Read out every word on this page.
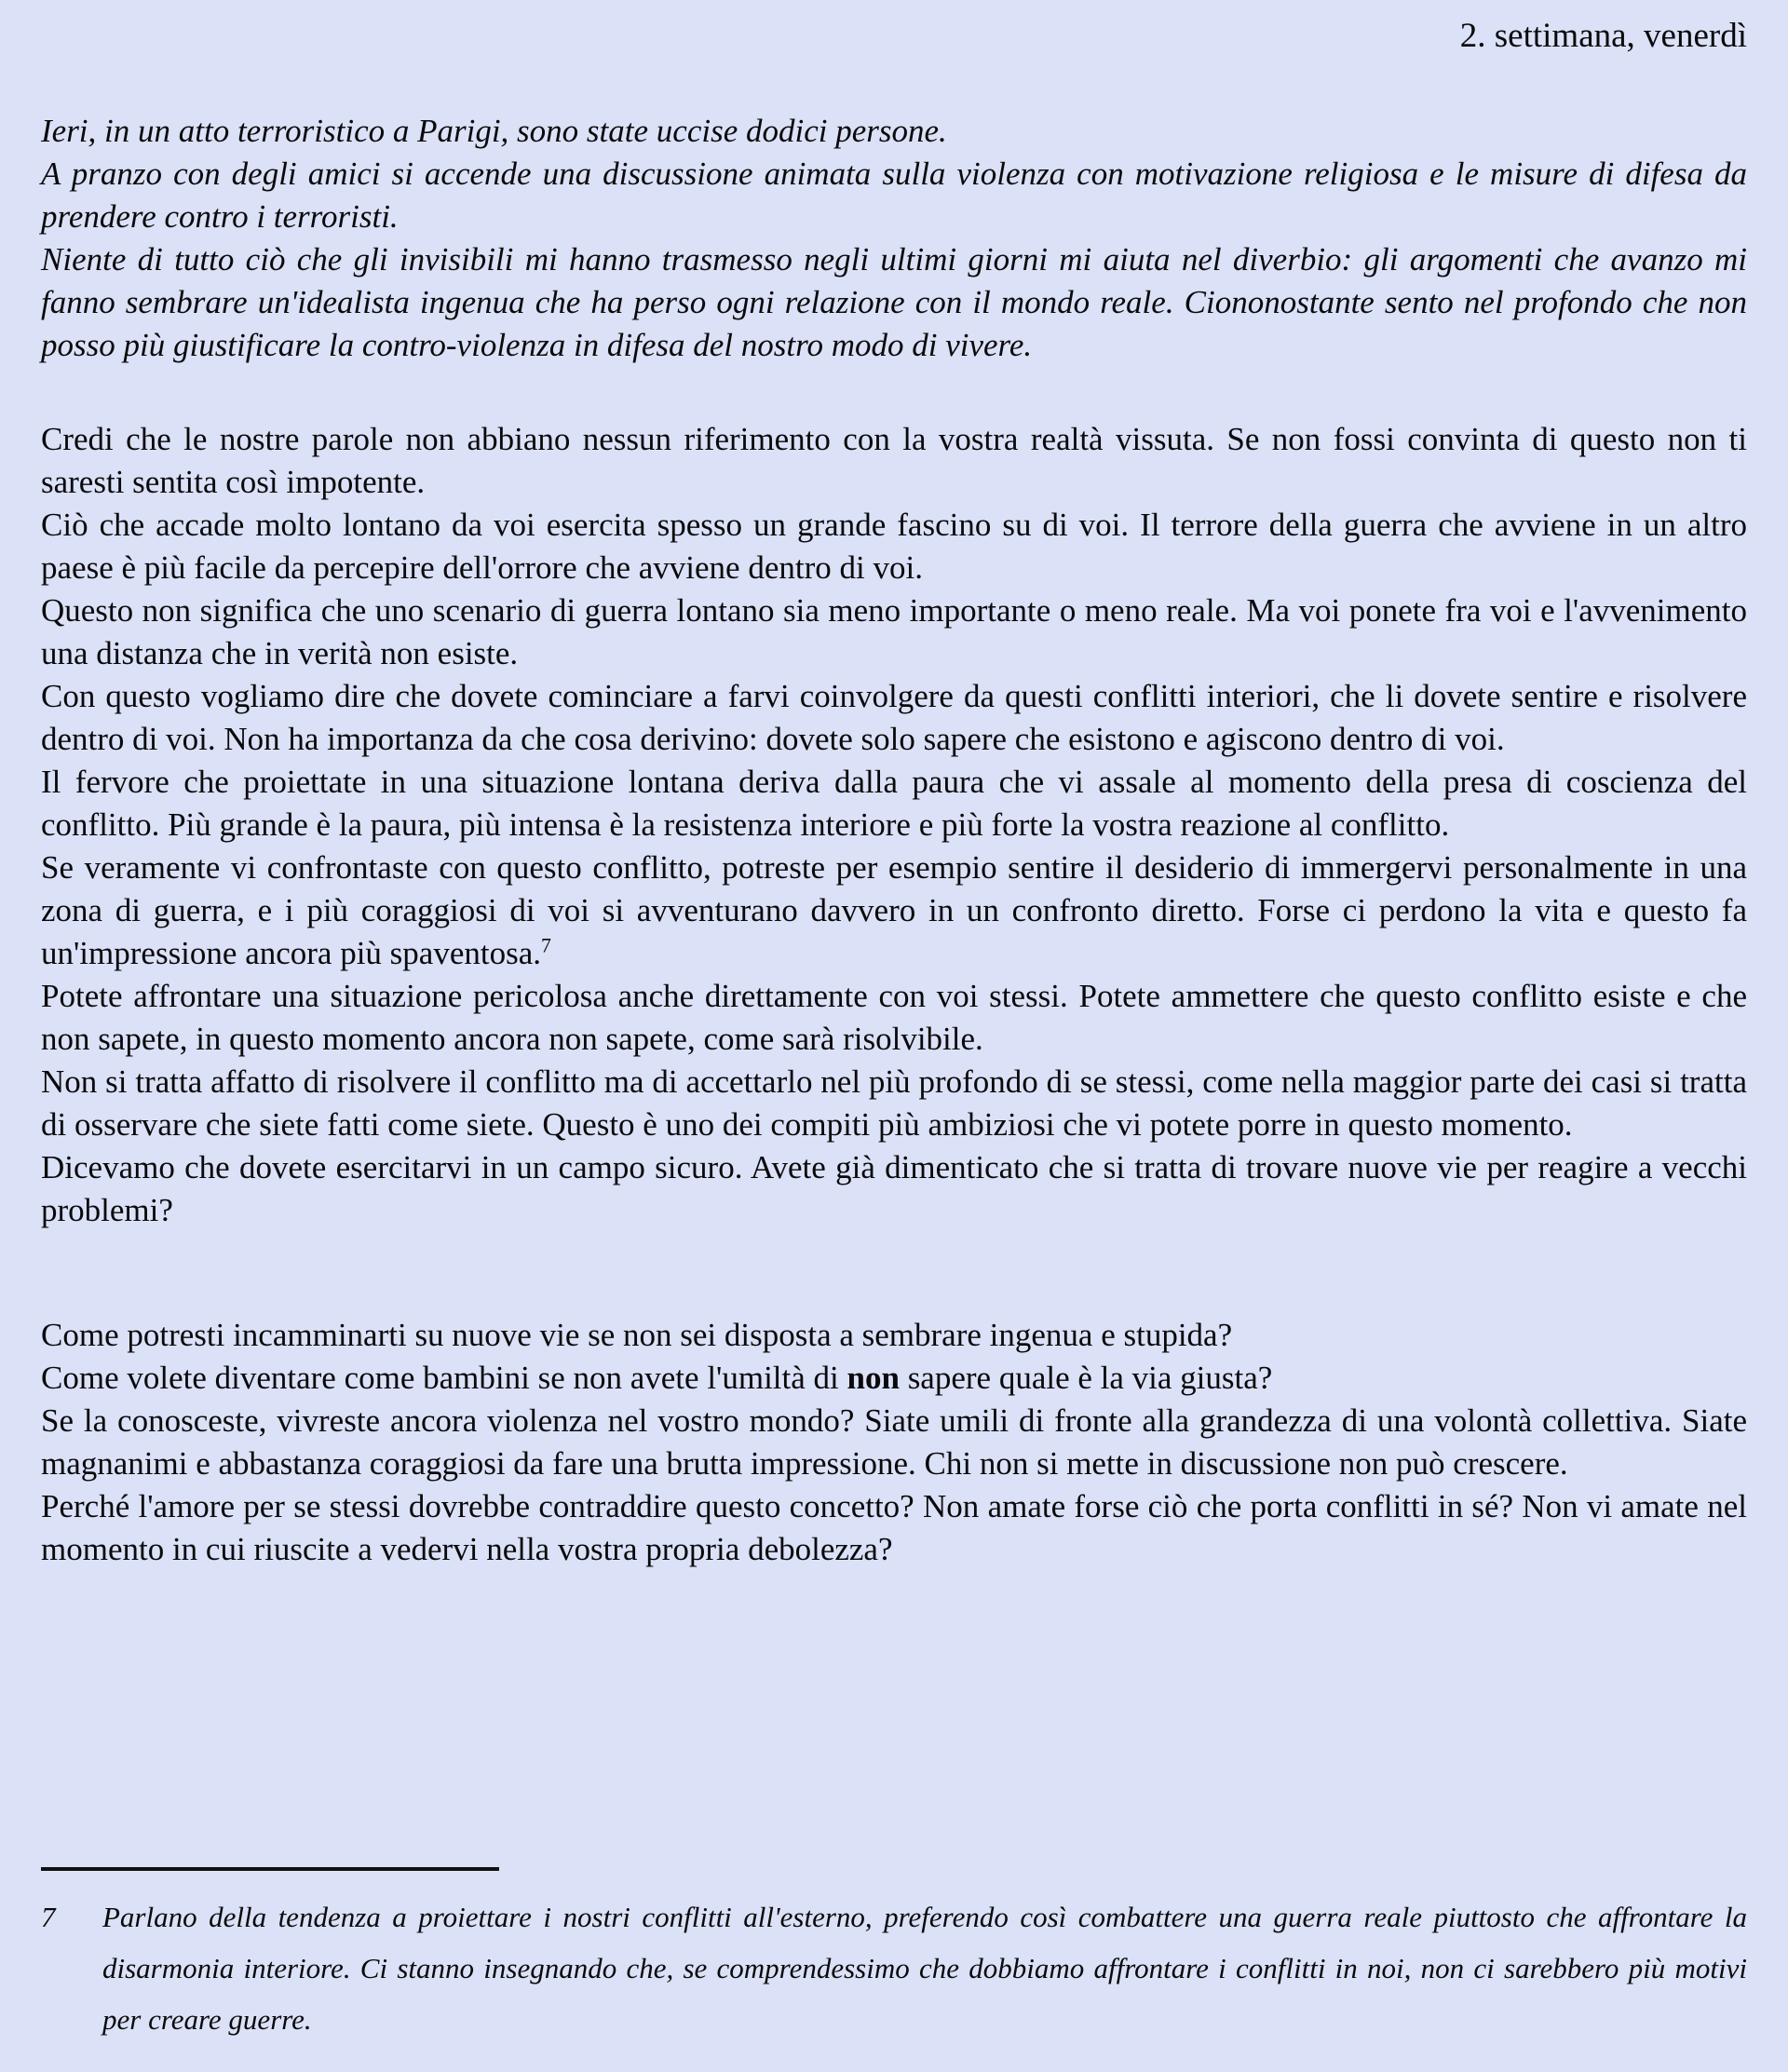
2. settimana, venerdì

Ieri, in un atto terroristico a Parigi, sono state uccise dodici persone.

A pranzo con degli amici si accende una discussione animata sulla violenza con motivazione religiosa e le misure di difesa da prendere contro i terroristi.

Niente di tutto ciò che gli invisibili mi hanno trasmesso negli ultimi giorni mi aiuta nel diverbio: gli argomenti che avanzo mi fanno sembrare un'idealista ingenua che ha perso ogni relazione con il mondo reale. Ciononostante sento nel profondo che non posso più giustificare la contro-violenza in difesa del nostro modo di vivere.

Credi che le nostre parole non abbiano nessun riferimento con la vostra realtà vissuta. Se non fossi convinta di questo non ti saresti sentita così impotente.

Ciò che accade molto lontano da voi esercita spesso un grande fascino su di voi. Il terrore della guerra che avviene in un altro paese è più facile da percepire dell'orrore che avviene dentro di voi.

Questo non significa che uno scenario di guerra lontano sia meno importante o meno reale. Ma voi ponete fra voi e l'avvenimento una distanza che in verità non esiste.

Con questo vogliamo dire che dovete cominciare a farvi coinvolgere da questi conflitti interiori, che li dovete sentire e risolvere dentro di voi. Non ha importanza da che cosa derivino: dovete solo sapere che esistono e agiscono dentro di voi.

Il fervore che proiettate in una situazione lontana deriva dalla paura che vi assale al momento della presa di coscienza del conflitto. Più grande è la paura, più intensa è la resistenza interiore e più forte la vostra reazione al conflitto.

Se veramente vi confrontaste con questo conflitto, potreste per esempio sentire il desiderio di immergervi personalmente in una zona di guerra, e i più coraggiosi di voi si avventurano davvero in un confronto diretto. Forse ci perdono la vita e questo fa un'impressione ancora più spaventosa.$^7$

Potete affrontare una situazione pericolosa anche direttamente con voi stessi. Potete ammettere che questo conflitto esiste e che non sapete, in questo momento ancora non sapete, come sarà risolvibile.

Non si tratta affatto di risolvere il conflitto ma di accettarlo nel più profondo di se stessi, come nella maggior parte dei casi si tratta di osservare che siete fatti come siete. Questo è uno dei compiti più ambiziosi che vi potete porre in questo momento.

Dicevamo che dovete esercitarvi in un campo sicuro. Avete già dimenticato che si tratta di trovare nuove vie per reagire a vecchi problemi?

Come potresti incamminarti su nuove vie se non sei disposta a sembrare ingenua e stupida?

Come volete diventare come bambini se non avete l'umiltà di non sapere quale è la via giusta?

Se la conosceste, vivreste ancora violenza nel vostro mondo? Siate umili di fronte alla grandezza di una volontà collettiva. Siate magnanimi e abbastanza coraggiosi da fare una brutta impressione. Chi non si mette in discussione non può crescere.

Perché l'amore per se stessi dovrebbe contraddire questo concetto? Non amate forse ciò che porta conflitti in sé? Non vi amate nel momento in cui riuscite a vedervi nella vostra propria debolezza?

7 Parlano della tendenza a proiettare i nostri conflitti all'esterno, preferendo così combattere una guerra reale piuttosto che affrontare la disarmonia interiore. Ci stanno insegnando che, se comprendessimo che dobbiamo affrontare i conflitti in noi, non ci sarebbero più motivi per creare guerre.
